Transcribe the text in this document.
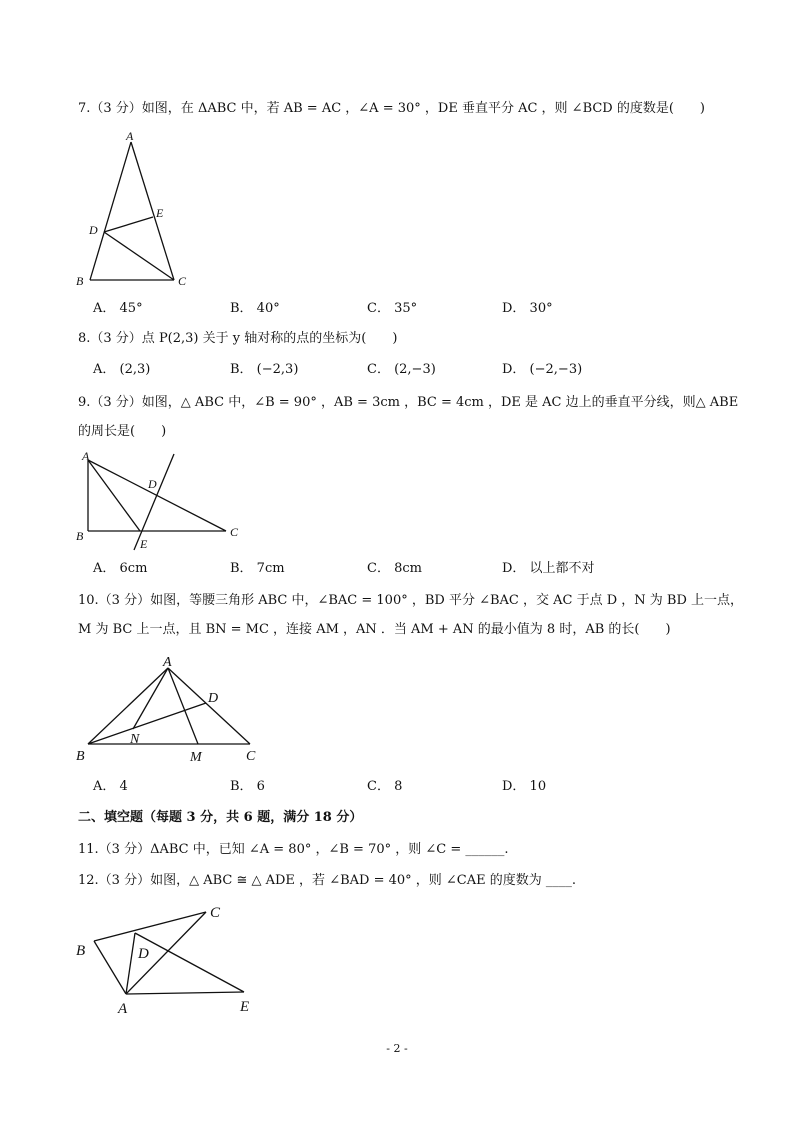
7.（3 分）如图，在 ΔABC 中，若 AB = AC ，∠A = 30° ，DE 垂直平分 AC ，则 ∠BCD 的度数是(　　)
A
B	C
D
E
A． 45°	B． 40°	C． 35°	D． 30°
8.（3 分）点 P(2,3) 关于 y 轴对称的点的坐标为(　　)
A． (2,3)	B． (−2,3)	C． (2,−3)	D． (−2,−3)
9.（3 分）如图，△ ABC 中，∠B = 90° ，AB = 3cm ，BC = 4cm ，DE 是 AC 边上的垂直平分线，则△ ABE
的周长是(　　)
A
B	C
D
E
A． 6cm	B． 7cm	C． 8cm	D． 以上都不对
10.（3 分）如图，等腰三角形 ABC 中，∠BAC = 100° ，BD 平分 ∠BAC ，交 AC 于点 D ，N 为 BD 上一点，
M 为 BC 上一点，且 BN = MC ，连接 AM ，AN ．当 AM + AN 的最小值为 8 时，AB 的长(　　)
A
B	C
D
M
N
A． 4	B． 6	C． 8	D． 10
二、填空题（每题 3 分，共 6 题，满分 18 分）
11.（3 分）ΔABC 中，已知 ∠A = 80° ，∠B = 70° ，则 ∠C = ______.
12.（3 分）如图，△ ABC ≅ △ ADE ，若 ∠BAD = 40° ，则 ∠CAE 的度数为 ____.
C
B	D
A	E
- 2 -
